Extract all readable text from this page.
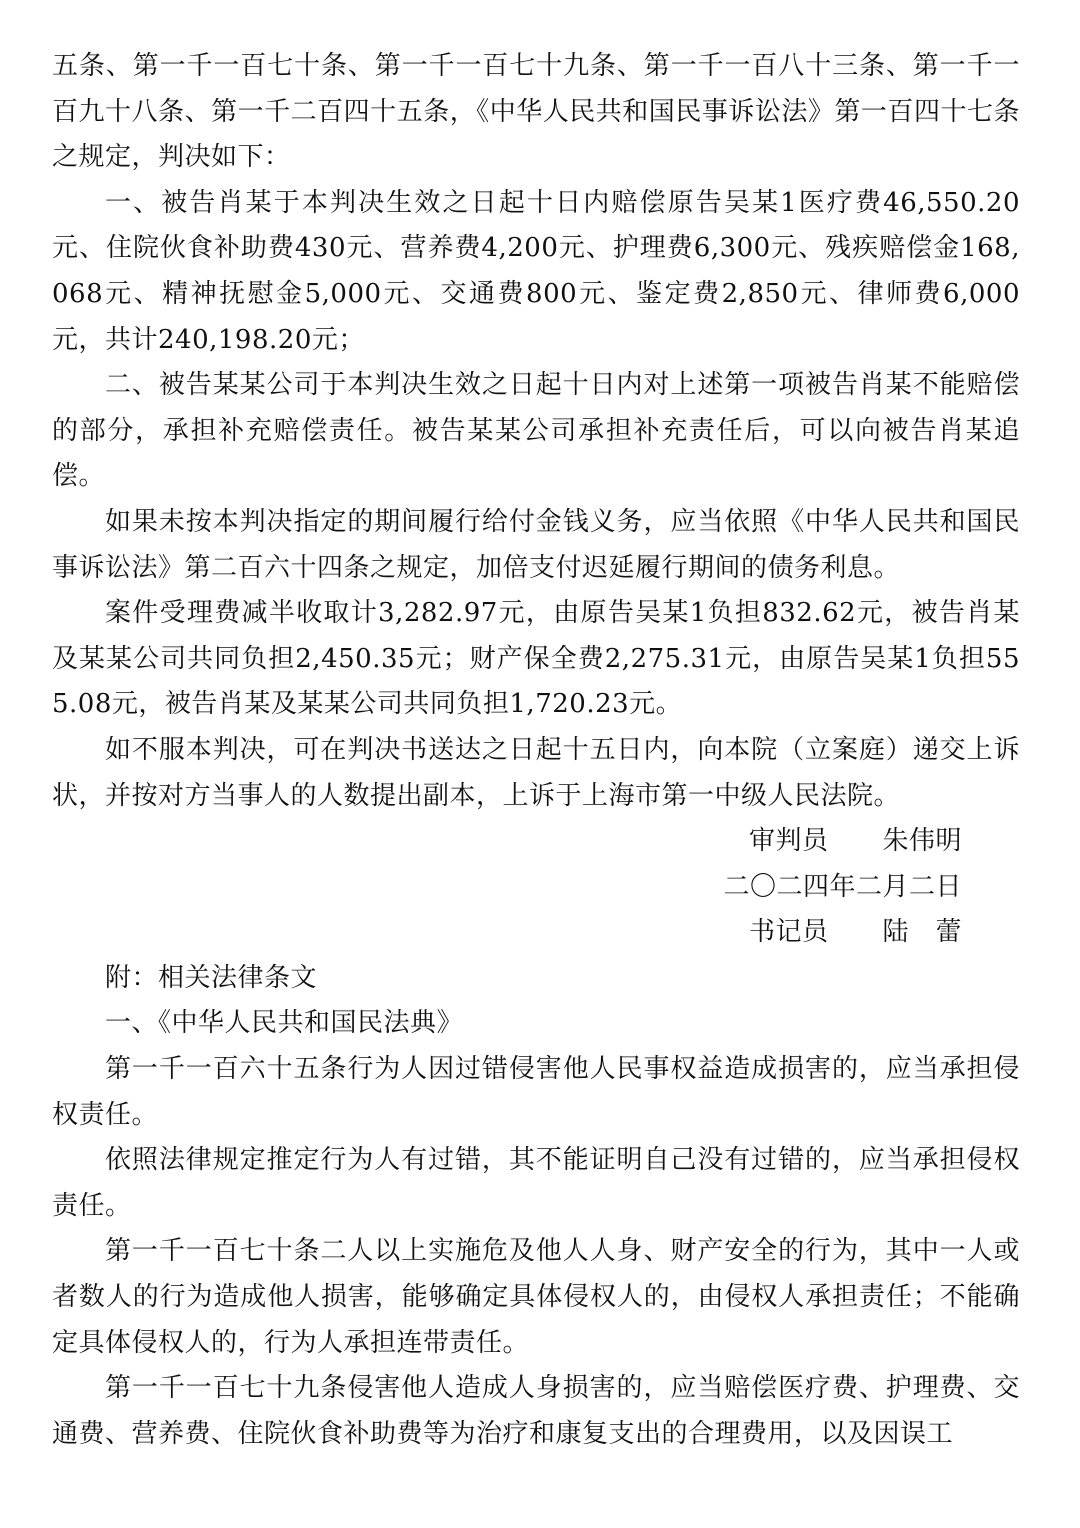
五条、第一千一百七十条、第一千一百七十九条、第一千一百八十三条、第一千一百九十八条、第一千二百四十五条，《中华人民共和国民事诉讼法》第一百四十七条之规定，判决如下：

一、被告肖某于本判决生效之日起十日内赔偿原告吴某1医疗费46,550.20元、住院伙食补助费430元、营养费4,200元、护理费6,300元、残疾赔偿金168,068元、精神抚慰金5,000元、交通费800元、鉴定费2,850元、律师费6,000元，共计240,198.20元；

二、被告某某公司于本判决生效之日起十日内对上述第一项被告肖某不能赔偿的部分，承担补充赔偿责任。被告某某公司承担补充责任后，可以向被告肖某追偿。

如果未按本判决指定的期间履行给付金钱义务，应当依照《中华人民共和国民事诉讼法》第二百六十四条之规定，加倍支付迟延履行期间的债务利息。

案件受理费减半收取计3,282.97元，由原告吴某1负担832.62元，被告肖某及某某公司共同负担2,450.35元；财产保全费2,275.31元，由原告吴某1负担555.08元，被告肖某及某某公司共同负担1,720.23元。

如不服本判决，可在判决书送达之日起十五日内，向本院（立案庭）递交上诉状，并按对方当事人的人数提出副本，上诉于上海市第一中级人民法院。

审判员 朱伟明
二〇二四年二月二日
书记员 陆　蕾

附：相关法律条文

一、《中华人民共和国民法典》

第一千一百六十五条行为人因过错侵害他人民事权益造成损害的，应当承担侵权责任。

依照法律规定推定行为人有过错，其不能证明自己没有过错的，应当承担侵权责任。

第一千一百七十条二人以上实施危及他人人身、财产安全的行为，其中一人或者数人的行为造成他人损害，能够确定具体侵权人的，由侵权人承担责任；不能确定具体侵权人的，行为人承担连带责任。

第一千一百七十九条侵害他人造成人身损害的，应当赔偿医疗费、护理费、交通费、营养费、住院伙食补助费等为治疗和康复支出的合理费用，以及因误工
